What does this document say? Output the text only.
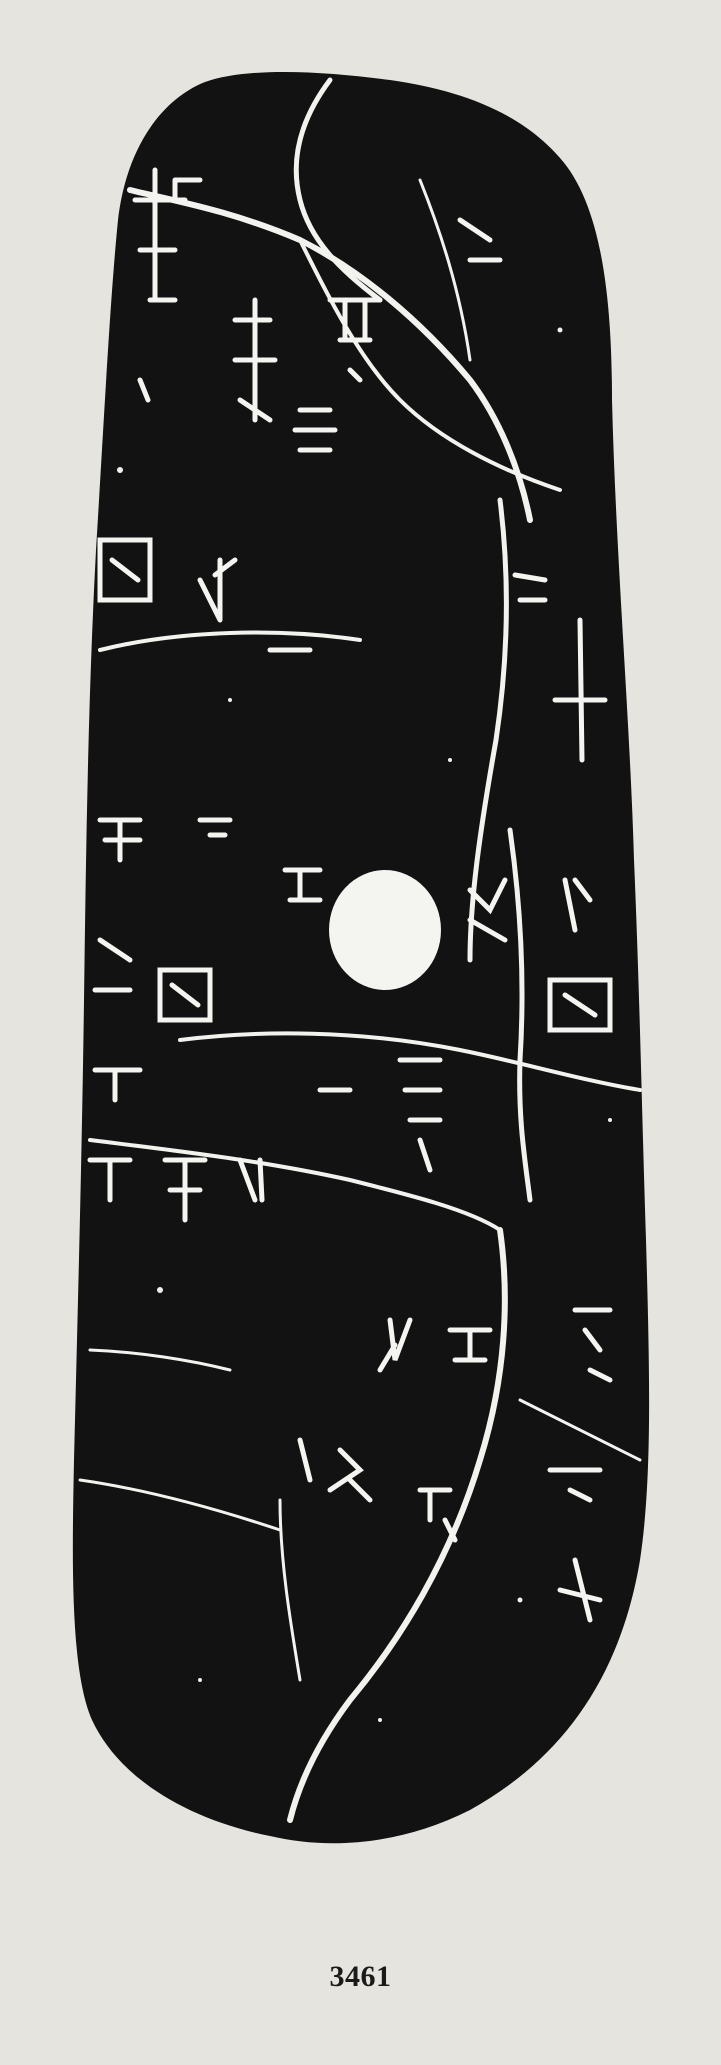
3461
